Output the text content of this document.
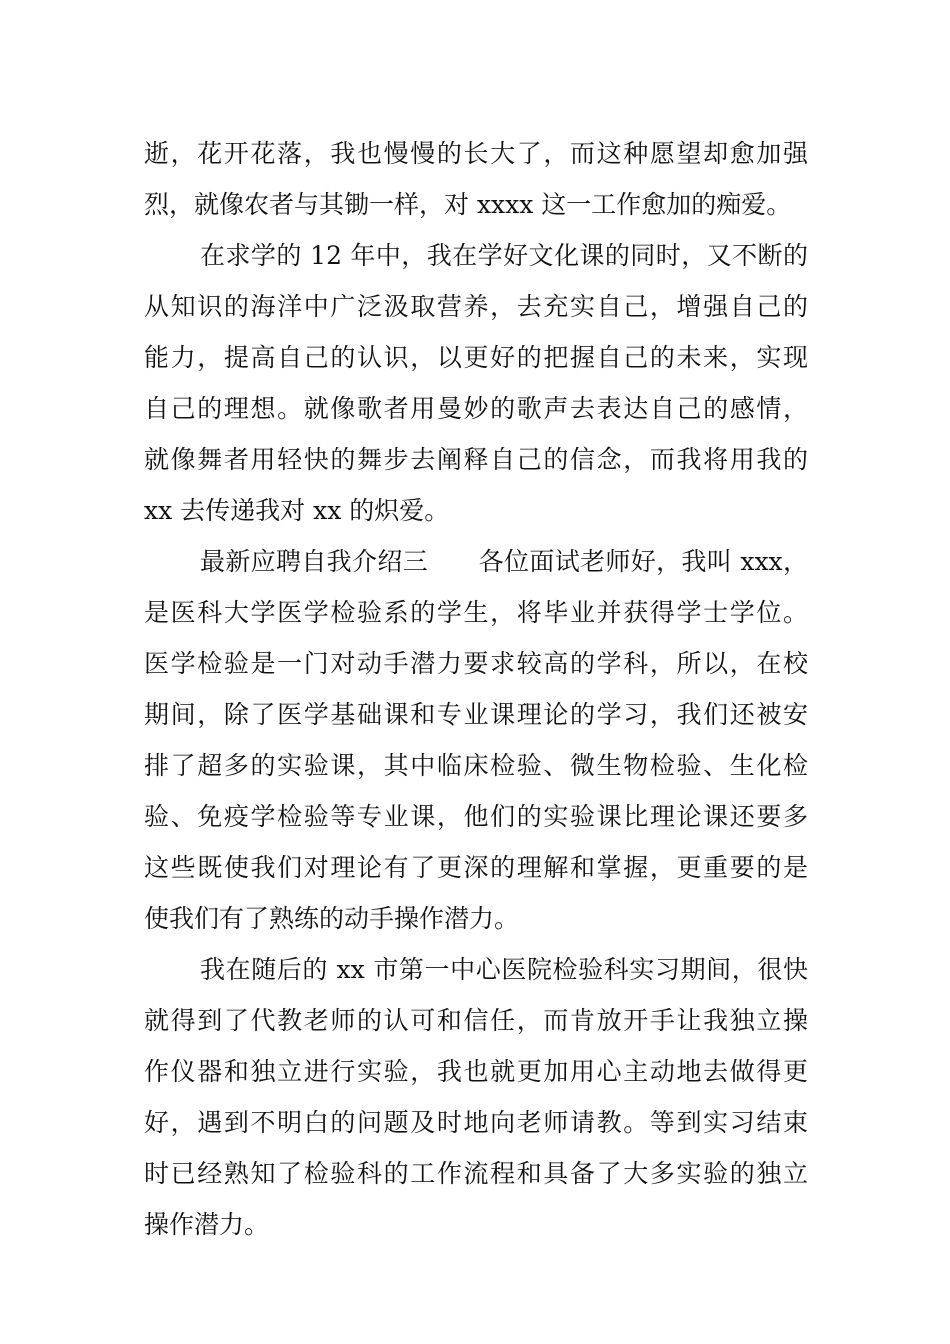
逝，花开花落，我也慢慢的长大了，而这种愿望却愈加强
烈，就像农者与其锄一样，对 xxxx 这一工作愈加的痴爱。
在求学的 12 年中，我在学好文化课的同时，又不断的
从知识的海洋中广泛汲取营养，去充实自己，增强自己的
能力，提高自己的认识，以更好的把握自己的未来，实现
自己的理想。就像歌者用曼妙的歌声去表达自己的感情，
就像舞者用轻快的舞步去阐释自己的信念，而我将用我的
xx 去传递我对 xx 的炽爱。
最新应聘自我介绍三　　各位面试老师好，我叫 xxx，
是医科大学医学检验系的学生，将毕业并获得学士学位。
医学检验是一门对动手潜力要求较高的学科，所以，在校
期间，除了医学基础课和专业课理论的学习，我们还被安
排了超多的实验课，其中临床检验、微生物检验、生化检
验、免疫学检验等专业课，他们的实验课比理论课还要多
这些既使我们对理论有了更深的理解和掌握，更重要的是
使我们有了熟练的动手操作潜力。
我在随后的 xx 市第一中心医院检验科实习期间，很快
就得到了代教老师的认可和信任，而肯放开手让我独立操
作仪器和独立进行实验，我也就更加用心主动地去做得更
好，遇到不明白的问题及时地向老师请教。等到实习结束
时已经熟知了检验科的工作流程和具备了大多实验的独立
操作潜力。
